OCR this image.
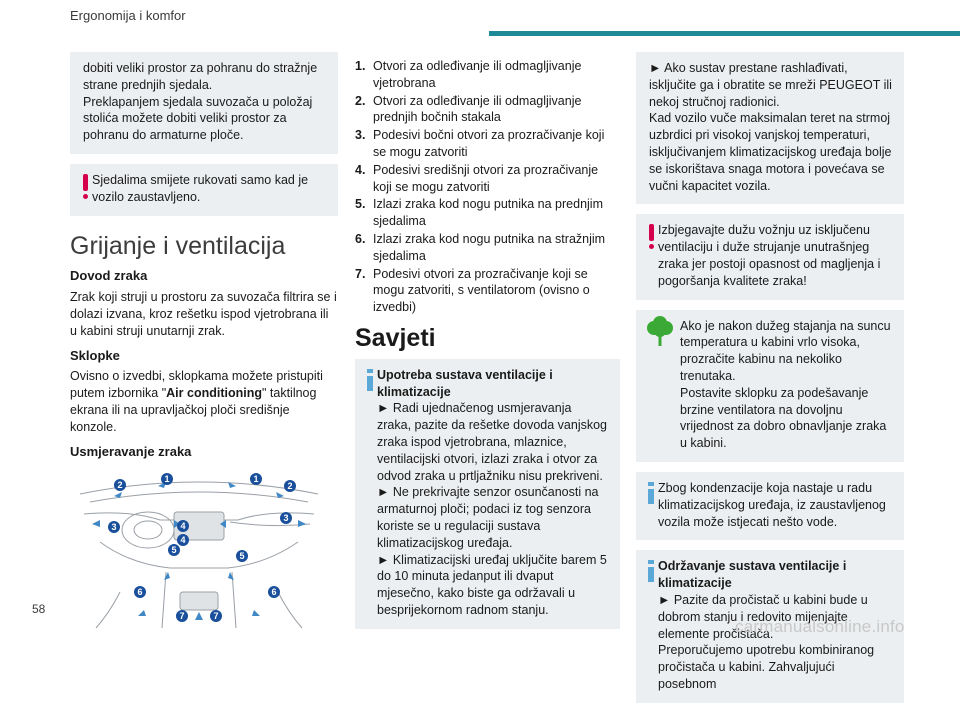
Ergonomija i komfor
dobiti veliki prostor za pohranu do stražnje strane prednjih sjedala.
Preklapanjem sjedala suvozača u položaj stolića možete dobiti veliki prostor za pohranu do armaturne ploče.
Sjedalima smijete rukovati samo kad je vozilo zaustavljeno.
Grijanje i ventilacija
Dovod zraka

Zrak koji struji u prostoru za suvozača filtrira se i dolazi izvana, kroz rešetku ispod vjetrobrana ili u kabini struji unutarnji zrak.

Sklopke

Ovisno o izvedbi, sklopkama možete pristupiti putem izbornika "Air conditioning" taktilnog ekrana ili na upravljačkoj ploči središnje konzole.

Usmjeravanje zraka
1	1
2	2
3
3
4
4
5
5
6	6
7	7
1. Otvori za odleđivanje ili odmagljivanje vjetrobrana
2. Otvori za odleđivanje ili odmagljivanje prednjih bočnih stakala
3. Podesivi bočni otvori za prozračivanje koji se mogu zatvoriti
4. Podesivi središnji otvori za prozračivanje koji se mogu zatvoriti
5. Izlazi zraka kod nogu putnika na prednjim sjedalima
6. Izlazi zraka kod nogu putnika na stražnjim sjedalima
7. Podesivi otvori za prozračivanje koji se mogu zatvoriti, s ventilatorom (ovisno o izvedbi)
Savjeti
Upotreba sustava ventilacije i klimatizacije
► Radi ujednačenog usmjeravanja zraka, pazite da rešetke dovoda vanjskog zraka ispod vjetrobrana, mlaznice, ventilacijski otvori, izlazi zraka i otvor za odvod zraka u prtljažniku nisu prekriveni.
► Ne prekrivajte senzor osunčanosti na armaturnoj ploči; podaci iz tog senzora koriste se u regulaciji sustava klimatizacijskog uređaja.
► Klimatizacijski uređaj uključite barem 5 do 10 minuta jedanput ili dvaput mjesečno, kako biste ga održavali u besprijekornom radnom stanju.
► Ako sustav prestane rashlađivati, isključite ga i obratite se mreži PEUGEOT ili nekoj stručnoj radionici.
Kad vozilo vuče maksimalan teret na strmoj uzbrdici pri visokoj vanjskoj temperaturi, isključivanjem klimatizacijskog uređaja bolje se iskorištava snaga motora i povećava se vučni kapacitet vozila.
Izbjegavajte dužu vožnju uz isključenu ventilaciju i duže strujanje unutrašnjeg zraka jer postoji opasnost od magljenja i pogoršanja kvalitete zraka!
Ako je nakon dužeg stajanja na suncu temperatura u kabini vrlo visoka, prozračite kabinu na nekoliko trenutaka.
Postavite sklopku za podešavanje brzine ventilatora na dovoljnu vrijednost za dobro obnavljanje zraka u kabini.
Zbog kondenzacije koja nastaje u radu klimatizacijskog uređaja, iz zaustavljenog vozila može istjecati nešto vode.
Održavanje sustava ventilacije i klimatizacije
► Pazite da pročistač u kabini bude u dobrom stanju i redovito mijenjajte elemente pročistača.
Preporučujemo upotrebu kombiniranog pročistača u kabini. Zahvaljujući posebnom
58
carmanualsonline.info
